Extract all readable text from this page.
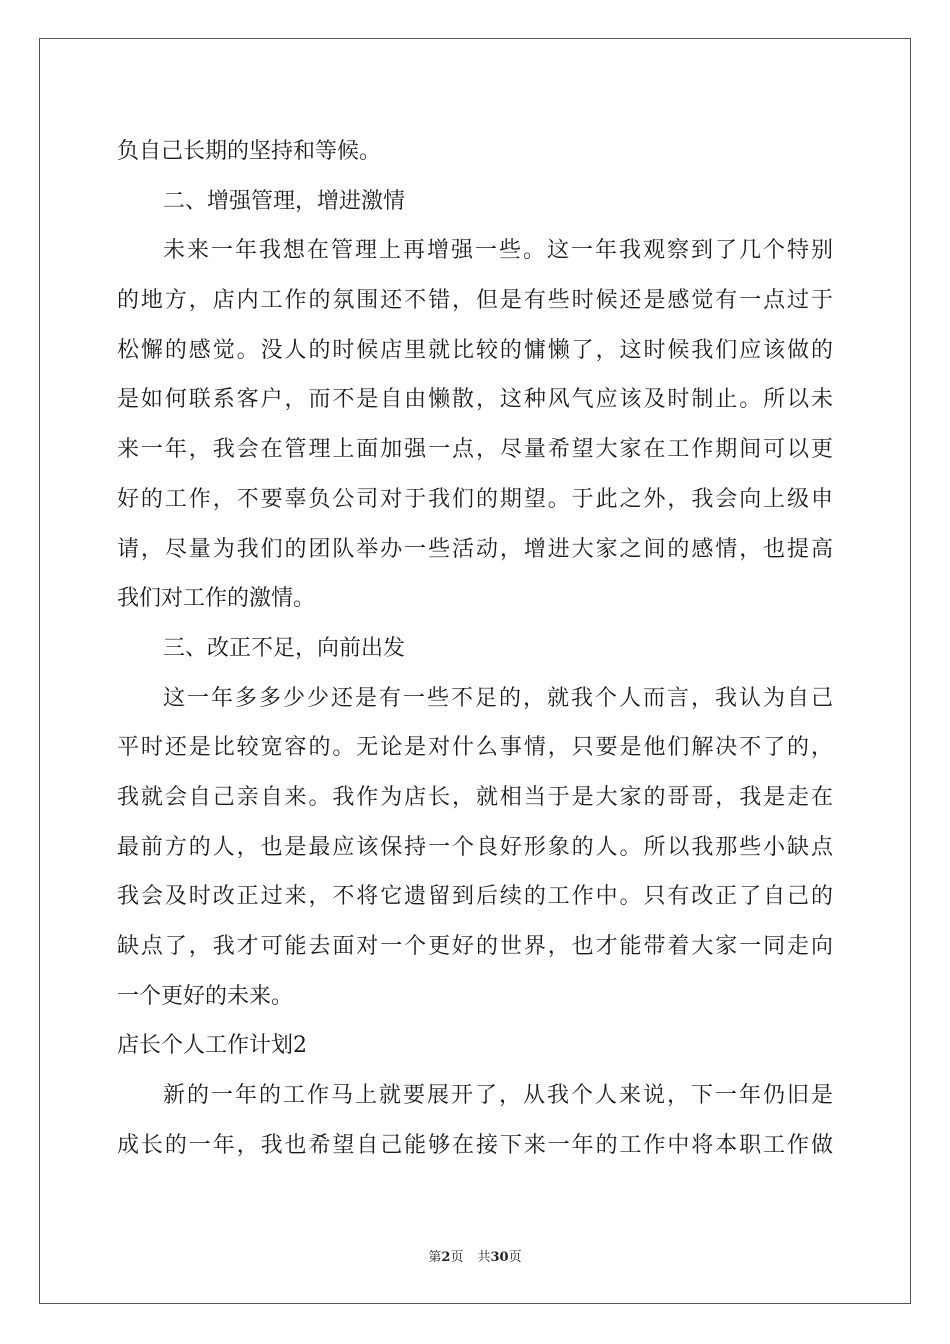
负自己长期的坚持和等候。
二、增强管理，增进激情
未来一年我想在管理上再增强一些。这一年我观察到了几个特别
的地方，店内工作的氛围还不错，但是有些时候还是感觉有一点过于
松懈的感觉。没人的时候店里就比较的慵懒了，这时候我们应该做的
是如何联系客户，而不是自由懒散，这种风气应该及时制止。所以未
来一年，我会在管理上面加强一点，尽量希望大家在工作期间可以更
好的工作，不要辜负公司对于我们的期望。于此之外，我会向上级申
请，尽量为我们的团队举办一些活动，增进大家之间的感情，也提高
我们对工作的激情。
三、改正不足，向前出发
这一年多多少少还是有一些不足的，就我个人而言，我认为自己
平时还是比较宽容的。无论是对什么事情，只要是他们解决不了的，
我就会自己亲自来。我作为店长，就相当于是大家的哥哥，我是走在
最前方的人，也是最应该保持一个良好形象的人。所以我那些小缺点
我会及时改正过来，不将它遗留到后续的工作中。只有改正了自己的
缺点了，我才可能去面对一个更好的世界，也才能带着大家一同走向
一个更好的未来。
店长个人工作计划2
新的一年的工作马上就要展开了，从我个人来说，下一年仍旧是
成长的一年，我也希望自己能够在接下来一年的工作中将本职工作做
第2页 共30页
